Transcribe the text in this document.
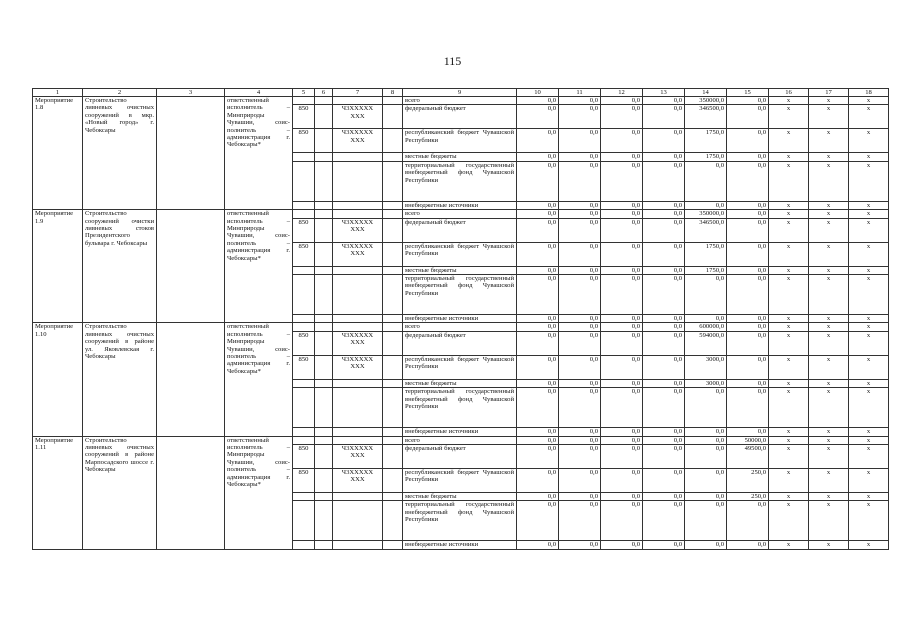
115
1	2	3	4	5	6	7	8	9	10	11	12	13	14	15	16	17	18
Мероприятие 1.8	Строительство ливневых очистных сооружений в мкр. «Новый город» г. Чебоксары		ответственный исполнитель – Минприроды Чувашии, соис-полнитель – администрация г. Чебоксары*					всего	0,0	0,0	0,0	0,0	350000,0	0,0	х	х	х
				850		Ч3ХХХХХ ХХХ		федеральный бюджет	0,0	0,0	0,0	0,0	346500,0	0,0	х	х	х
				850		Ч3ХХХХХ ХХХ		республиканский бюджет Чувашской Республики	0,0	0,0	0,0	0,0	1750,0	0,0	х	х	х
								местные бюджеты	0,0	0,0	0,0	0,0	1750,0	0,0	х	х	х
								территориальный государственный внебюджетный фонд Чувашской Республики	0,0	0,0	0,0	0,0	0,0	0,0	х	х	х
								внебюджетные источники	0,0	0,0	0,0	0,0	0,0	0,0	х	х	х
Мероприятие 1.9	Строительство сооружений очистки ливневых стоков Президентского бульвара г. Чебоксары		ответственный исполнитель – Минприроды Чувашии, соис-полнитель – администрация г. Чебоксары*					всего	0,0	0,0	0,0	0,0	350000,0	0,0	х	х	х
				850		Ч3ХХХХХ ХХХ		федеральный бюджет	0,0	0,0	0,0	0,0	346500,0	0,0	х	х	х
				850		Ч3ХХХХХ ХХХ		республиканский бюджет Чувашской Республики	0,0	0,0	0,0	0,0	1750,0	0,0	х	х	х
								местные бюджеты	0,0	0,0	0,0	0,0	1750,0	0,0	х	х	х
								территориальный государственный внебюджетный фонд Чувашской Республики	0,0	0,0	0,0	0,0	0,0	0,0	х	х	х
								внебюджетные источники	0,0	0,0	0,0	0,0	0,0	0,0	х	х	х
Мероприятие 1.10	Строительство ливневых очистных сооружений в районе ул. Яковлевская г. Чебоксары		ответственный исполнитель – Минприроды Чувашии, соис-полнитель – администрация г. Чебоксары*					всего	0,0	0,0	0,0	0,0	600000,0	0,0	х	х	х
				850		Ч3ХХХХХ ХХХ		федеральный бюджет	0,0	0,0	0,0	0,0	594000,0	0,0	х	х	х
				850		Ч3ХХХХХ ХХХ		республиканский бюджет Чувашской Республики	0,0	0,0	0,0	0,0	3000,0	0,0	х	х	х
								местные бюджеты	0,0	0,0	0,0	0,0	3000,0	0,0	х	х	х
								территориальный государственный внебюджетный фонд Чувашской Республики	0,0	0,0	0,0	0,0	0,0	0,0	х	х	х
								внебюджетные источники	0,0	0,0	0,0	0,0	0,0	0,0	х	х	х
Мероприятие 1.11	Строительство ливневых очистных сооружений в районе Марпосадского шоссе г. Чебоксары		ответственный исполнитель – Минприроды Чувашии, соис-полнитель – администрация г. Чебоксары*					всего	0,0	0,0	0,0	0,0	0,0	50000,0	х	х	х
				850		Ч3ХХХХХ ХХХ		федеральный бюджет	0,0	0,0	0,0	0,0	0,0	49500,0	х	х	х
				850		Ч3ХХХХХ ХХХ		республиканский бюджет Чувашской Республики	0,0	0,0	0,0	0,0	0,0	250,0	х	х	х
								местные бюджеты	0,0	0,0	0,0	0,0	0,0	250,0	х	х	х
								территориальный государственный внебюджетный фонд Чувашской Республики	0,0	0,0	0,0	0,0	0,0	0,0	х	х	х
								внебюджетные источники	0,0	0,0	0,0	0,0	0,0	0,0	х	х	х
